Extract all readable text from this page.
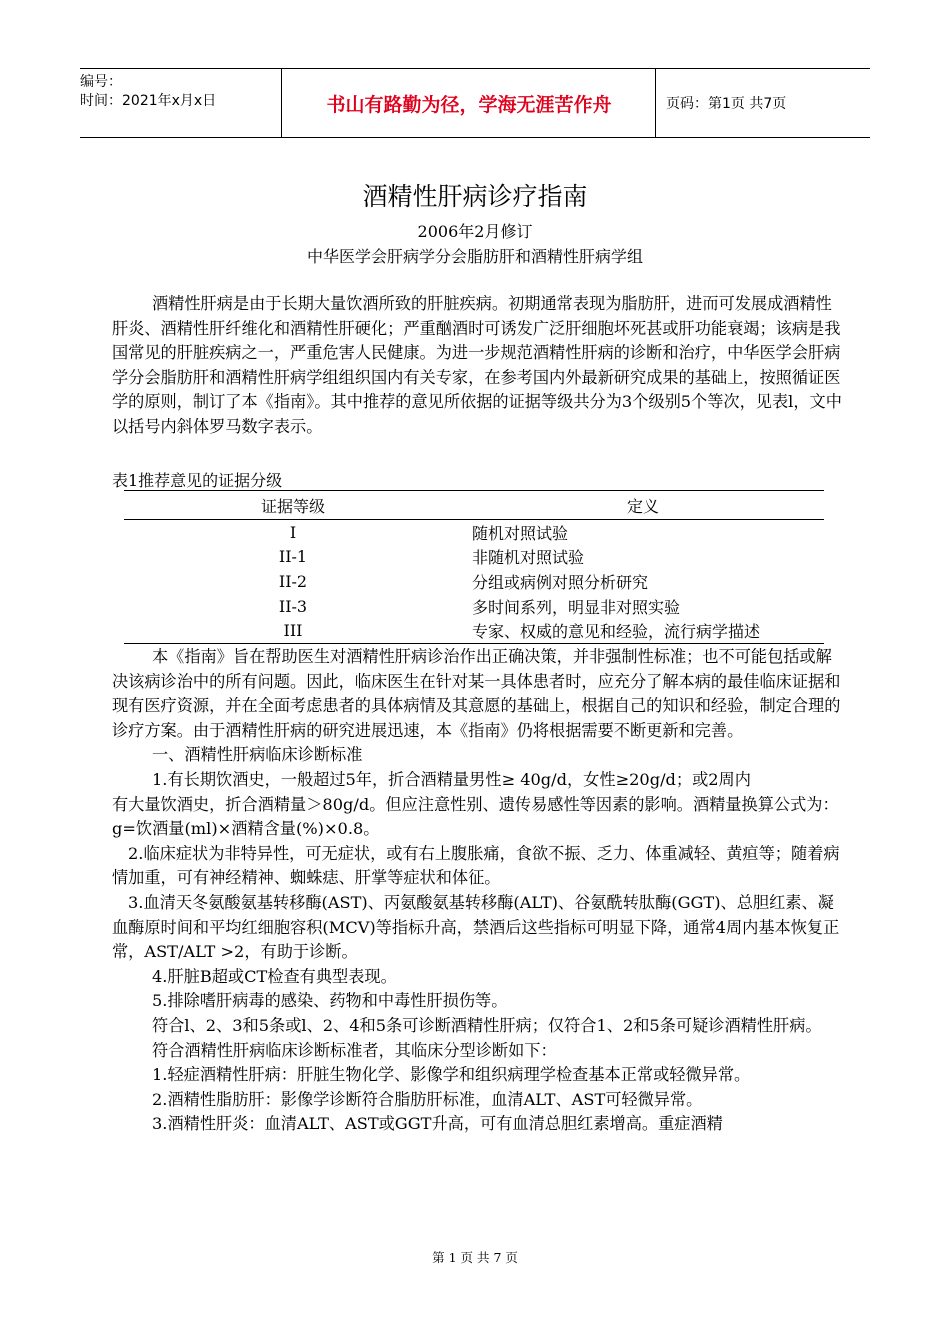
编号：
时间：2021年x月x日	书山有路勤为径，学海无涯苦作舟	页码：第1页 共7页
酒精性肝病诊疗指南
2006年2月修订
中华医学会肝病学分会脂肪肝和酒精性肝病学组

酒精性肝病是由于长期大量饮酒所致的肝脏疾病。初期通常表现为脂肪肝，进而可发展成酒精性肝炎、酒精性肝纤维化和酒精性肝硬化；严重酗酒时可诱发广泛肝细胞坏死甚或肝功能衰竭；该病是我国常见的肝脏疾病之一，严重危害人民健康。为进一步规范酒精性肝病的诊断和治疗，中华医学会肝病学分会脂肪肝和酒精性肝病学组组织国内有关专家，在参考国内外最新研究成果的基础上，按照循证医学的原则，制订了本《指南》。其中推荐的意见所依据的证据等级共分为3个级别5个等次，见表l，文中以括号内斜体罗马数字表示。

表1推荐意见的证据分级
证据等级	定义
I	随机对照试验
II-1	非随机对照试验
II-2	分组或病例对照分析研究
II-3	多时间系列，明显非对照实验
III	专家、权威的意见和经验，流行病学描述

本《指南》旨在帮助医生对酒精性肝病诊治作出正确决策，并非强制性标准；也不可能包括或解决该病诊治中的所有问题。因此，临床医生在针对某一具体患者时，应充分了解本病的最佳临床证据和现有医疗资源，并在全面考虑患者的具体病情及其意愿的基础上，根据自己的知识和经验，制定合理的诊疗方案。由于酒精性肝病的研究进展迅速，本《指南》仍将根据需要不断更新和完善。

一、酒精性肝病临床诊断标准

1.有长期饮酒史，一般超过5年，折合酒精量男性≥ 40g/d，女性≥20g/d；或2周内

有大量饮酒史，折合酒精量＞80g/d。但应注意性别、遗传易感性等因素的影响。酒精量换算公式为：g=饮酒量(ml)×酒精含量(%)×0.8。

2.临床症状为非特异性，可无症状，或有右上腹胀痛，食欲不振、乏力、体重减轻、黄疸等；随着病情加重，可有神经精神、蜘蛛痣、肝掌等症状和体征。

3.血清天冬氨酸氨基转移酶(AST)、丙氨酸氨基转移酶(ALT)、谷氨酰转肽酶(GGT)、总胆红素、凝血酶原时间和平均红细胞容积(MCV)等指标升高，禁酒后这些指标可明显下降，通常4周内基本恢复正常，AST/ALT >2，有助于诊断。

4.肝脏B超或CT检查有典型表现。

5.排除嗜肝病毒的感染、药物和中毒性肝损伤等。

符合l、2、3和5条或l、2、4和5条可诊断酒精性肝病；仅符合1、2和5条可疑诊酒精性肝病。

符合酒精性肝病临床诊断标准者，其临床分型诊断如下：

1.轻症酒精性肝病：肝脏生物化学、影像学和组织病理学检查基本正常或轻微异常。

2.酒精性脂肪肝：影像学诊断符合脂肪肝标准，血清ALT、AST可轻微异常。

3.酒精性肝炎：血清ALT、AST或GGT升高，可有血清总胆红素增高。重症酒精

第 1 页 共 7 页
